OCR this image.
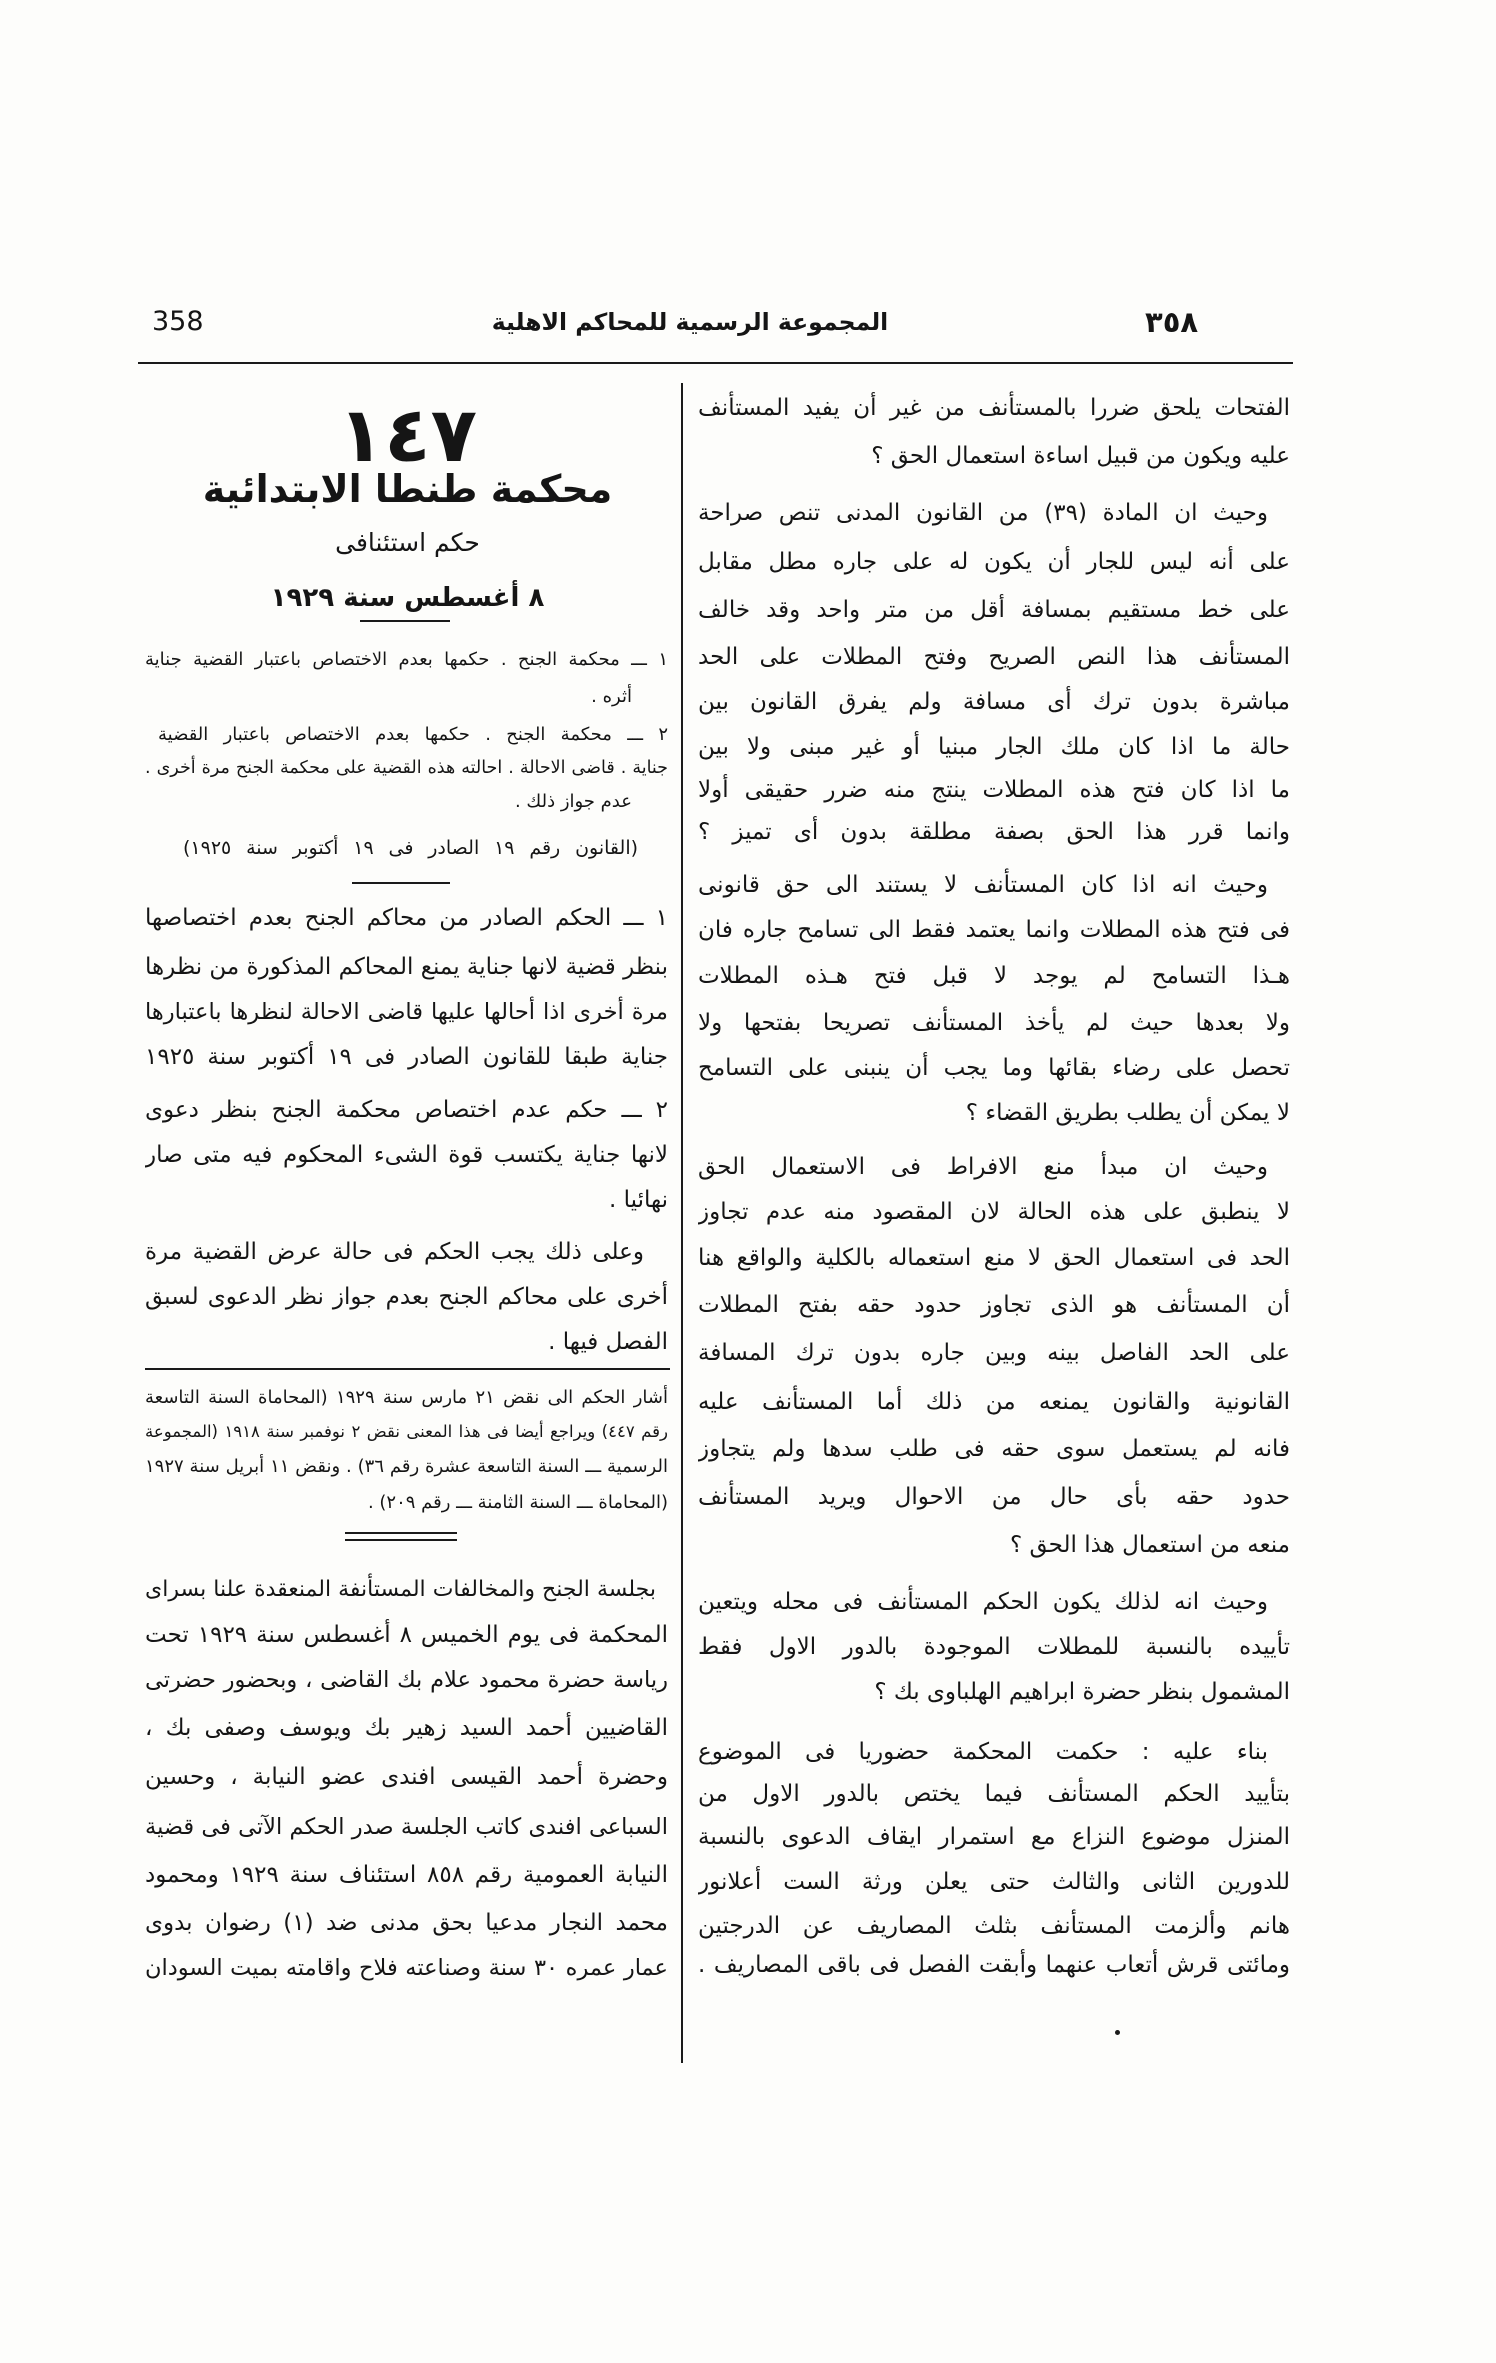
358	المجموعة الرسمية للمحاكم الاهلية	٣٥٨
الفتحات يلحق ضررا بالمستأنف من غير أن يفيد المستأنف
عليه ويكون من قبيل اساءة استعمال الحق ؟
وحيث ان المادة (٣٩) من القانون المدنى تنص صراحة
على أنه ليس للجار أن يكون له على جاره مطل مقابل
على خط مستقيم بمسافة أقل من متر واحد وقد خالف
المستأنف هذا النص الصريح وفتح المطلات على الحد
مباشرة بدون ترك أى مسافة ولم يفرق القانون بين
حالة ما اذا كان ملك الجار مبنيا أو غير مبنى ولا بين
ما اذا كان فتح هذه المطلات ينتج منه ضرر حقيقى أولا
وانما قرر هذا الحق بصفة مطلقة بدون أى تميز ؟
وحيث انه اذا كان المستأنف لا يستند الى حق قانونى
فى فتح هذه المطلات وانما يعتمد فقط الى تسامح جاره فان
هـذا التسامح لم يوجد لا قبل فتح هـذه المطلات
ولا بعدها حيث لم يأخذ المستأنف تصريحا بفتحها ولا
تحصل على رضاء بقائها وما يجب أن ينبنى على التسامح
لا يمكن أن يطلب بطريق القضاء ؟
وحيث ان مبدأ منع الافراط فى الاستعمال الحق
لا ينطبق على هذه الحالة لان المقصود منه عدم تجاوز
الحد فى استعمال الحق لا منع استعماله بالكلية والواقع هنا
أن المستأنف هو الذى تجاوز حدود حقه بفتح المطلات
على الحد الفاصل بينه وبين جاره بدون ترك المسافة
القانونية والقانون يمنعه من ذلك أما المستأنف عليه
فانه لم يستعمل سوى حقه فى طلب سدها ولم يتجاوز
حدود حقه بأى حال من الاحوال ويريد المستأنف
منعه من استعمال هذا الحق ؟
وحيث انه لذلك يكون الحكم المستأنف فى محله ويتعين
تأييده بالنسبة للمطلات الموجودة بالدور الاول فقط
المشمول بنظر حضرة ابراهيم الهلباوى بك ؟
بناء عليه : حكمت المحكمة حضوريا فى الموضوع
بتأييد الحكم المستأنف فيما يختص بالدور الاول من
المنزل موضوع النزاع مع استمرار ايقاف الدعوى بالنسبة
للدورين الثانى والثالث حتى يعلن ورثة الست أعلانور
هانم وألزمت المستأنف بثلث المصاريف عن الدرجتين
ومائتى قرش أتعاب عنهما وأبقت الفصل فى باقى المصاريف .
١٤٧
محكمة طنطا الابتدائية
حكم استئنافى
٨ أغسطس سنة ١٩٢٩
١ ـــ محكمة الجنح . حكمها بعدم الاختصاص باعتبار القضية جناية
أثره .
٢ ـــ محكمة الجنح . حكمها بعدم الاختصاص باعتبار القضية
جناية . قاضى الاحالة . احالته هذه القضية على محكمة الجنح مرة أخرى .
عدم جواز ذلك .
(القانون رقم ١٩ الصادر فى ١٩ أكتوبر سنة ١٩٢٥)
١ ـــ الحكم الصادر من محاكم الجنح بعدم اختصاصها
بنظر قضية لانها جناية يمنع المحاكم المذكورة من نظرها
مرة أخرى اذا أحالها عليها قاضى الاحالة لنظرها باعتبارها
جناية طبقا للقانون الصادر فى ١٩ أكتوبر سنة ١٩٢٥
٢ ـــ حكم عدم اختصاص محكمة الجنح بنظر دعوى
لانها جناية يكتسب قوة الشىء المحكوم فيه متى صار
نهائيا .
وعلى ذلك يجب الحكم فى حالة عرض القضية مرة
أخرى على محاكم الجنح بعدم جواز نظر الدعوى لسبق
الفصل فيها .
أشار الحكم الى نقض ٢١ مارس سنة ١٩٢٩ (المحاماة السنة التاسعة
رقم ٤٤٧) ويراجع أيضا فى هذا المعنى نقض ٢ نوفمبر سنة ١٩١٨ (المجموعة
الرسمية ـــ السنة التاسعة عشرة رقم ٣٦) . ونقض ١١ أبريل سنة ١٩٢٧
(المحاماة ـــ السنة الثامنة ـــ رقم ٢٠٩) .
بجلسة الجنح والمخالفات المستأنفة المنعقدة علنا بسراى
المحكمة فى يوم الخميس ٨ أغسطس سنة ١٩٢٩ تحت
رياسة حضرة محمود علام بك القاضى ، وبحضور حضرتى
القاضيين أحمد السيد زهير بك ويوسف وصفى بك ،
وحضرة أحمد القيسى افندى عضو النيابة ، وحسين
السباعى افندى كاتب الجلسة صدر الحكم الآتى فى قضية
النيابة العمومية رقم ٨٥٨ استئناف سنة ١٩٢٩ ومحمود
محمد النجار مدعيا بحق مدنى ضد (١) رضوان بدوى
عمار عمره ٣٠ سنة وصناعته فلاح واقامته بميت السودان
